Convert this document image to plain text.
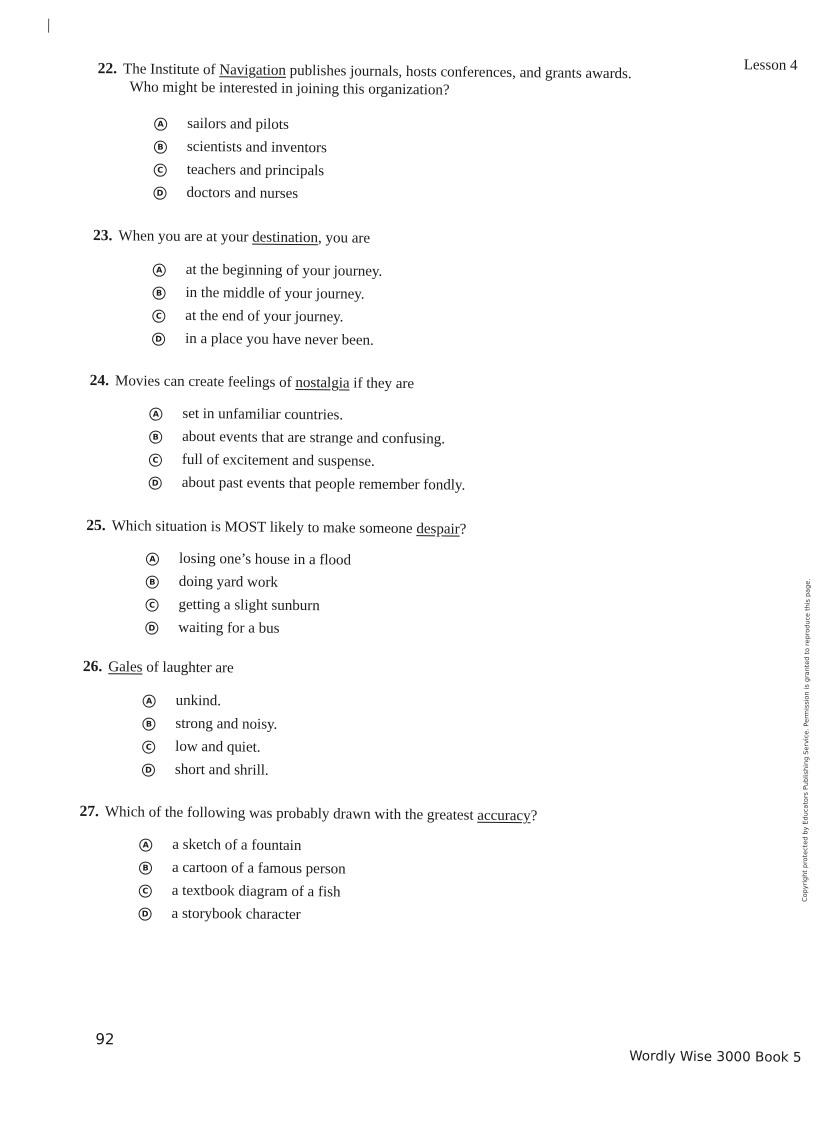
Lesson 4
22. The Institute of Navigation publishes journals, hosts conferences, and grants awards.
Who might be interested in joining this organization?
A sailors and pilots
B scientists and inventors
C teachers and principals
D doctors and nurses
23. When you are at your destination, you are
A at the beginning of your journey.
B in the middle of your journey.
C at the end of your journey.
D in a place you have never been.
24. Movies can create feelings of nostalgia if they are
A set in unfamiliar countries.
B about events that are strange and confusing.
C full of excitement and suspense.
D about past events that people remember fondly.
25. Which situation is MOST likely to make someone despair?
A losing one’s house in a flood
B doing yard work
C getting a slight sunburn
D waiting for a bus
26. Gales of laughter are
A unkind.
B strong and noisy.
C low and quiet.
D short and shrill.
27. Which of the following was probably drawn with the greatest accuracy?
A a sketch of a fountain
B a cartoon of a famous person
C a textbook diagram of a fish
D a storybook character
92
Wordly Wise 3000 Book 5
Copyright protected by Educators Publishing Service. Permission is granted to reproduce this page.
